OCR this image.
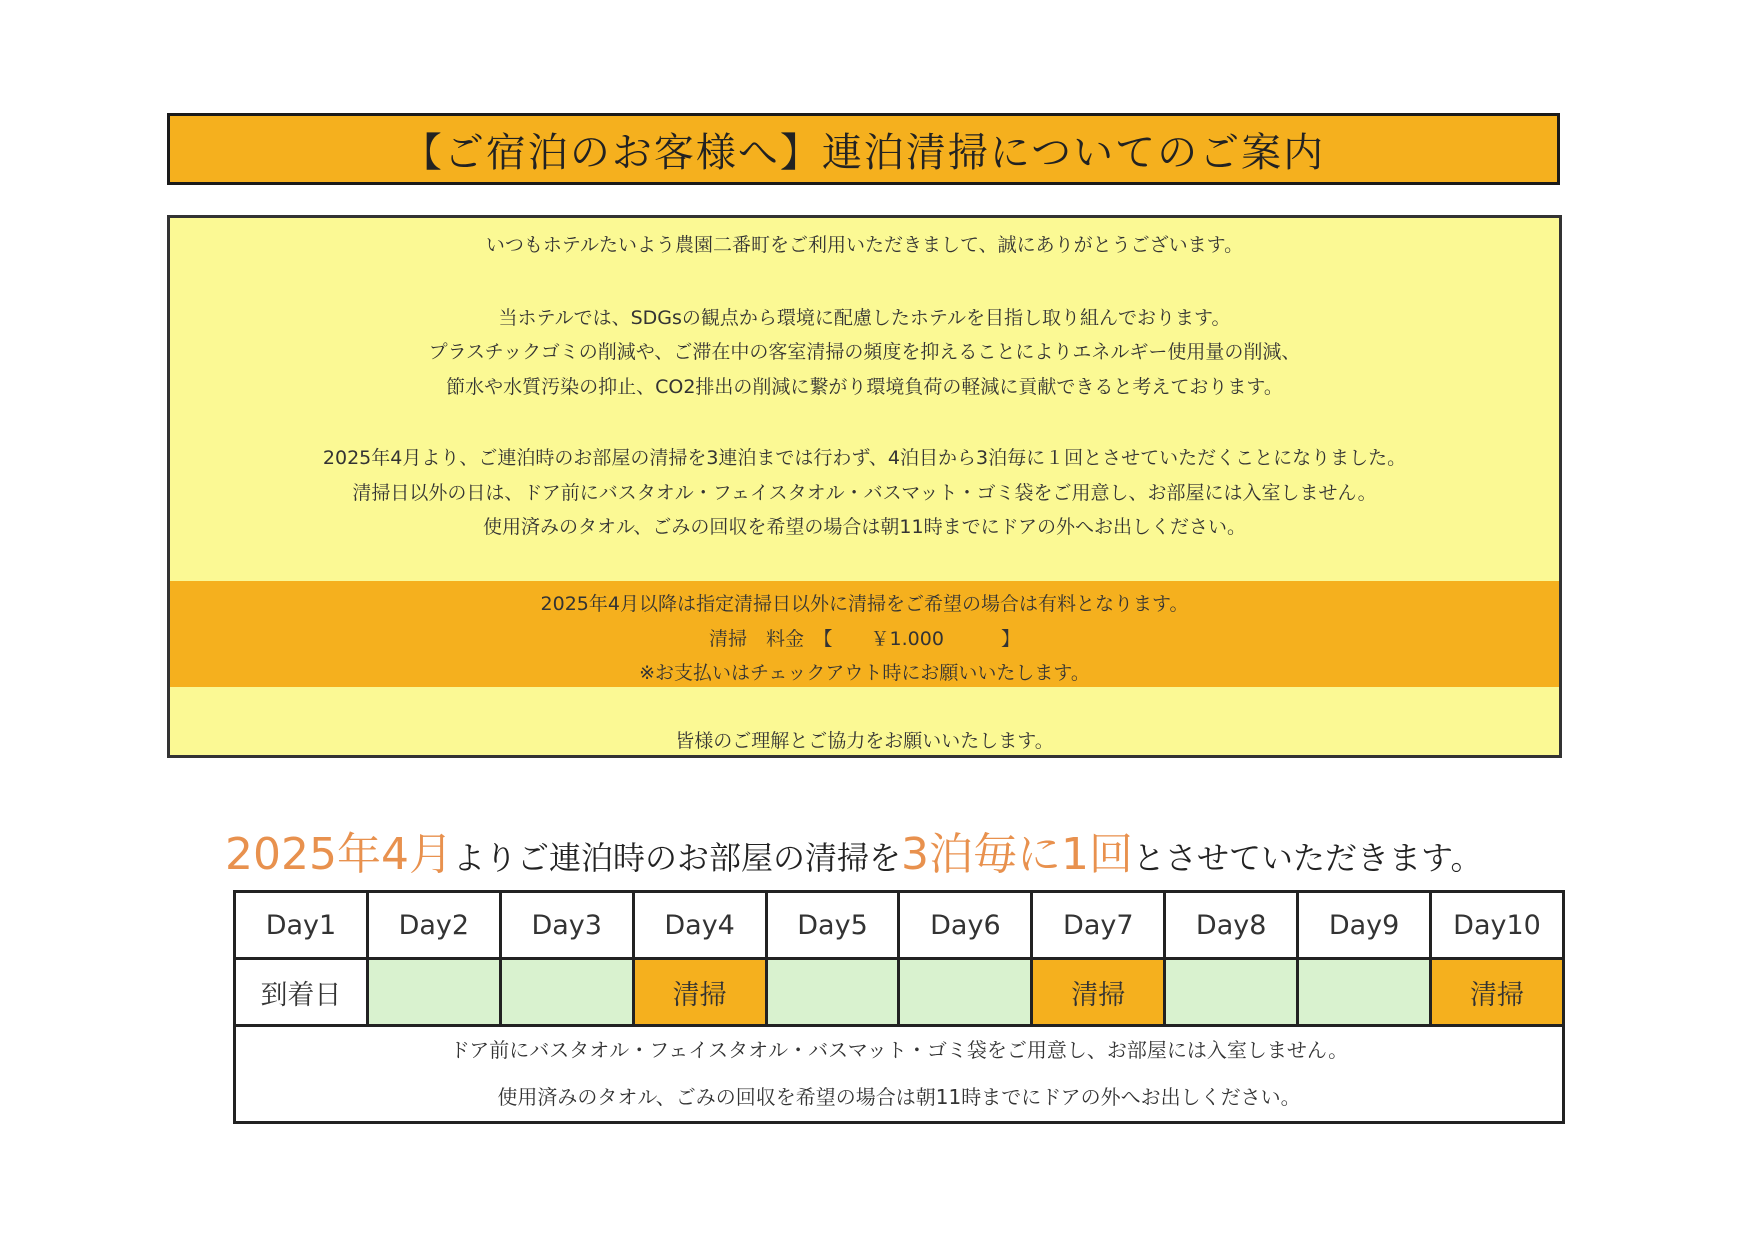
【ご宿泊のお客様へ】連泊清掃についてのご案内
いつもホテルたいよう農園二番町をご利用いただきまして、誠にありがとうございます。
当ホテルでは、SDGsの観点から環境に配慮したホテルを目指し取り組んでおります。
プラスチックゴミの削減や、ご滞在中の客室清掃の頻度を抑えることによりエネルギー使用量の削減、
節水や水質汚染の抑止、CO2排出の削減に繋がり環境負荷の軽減に貢献できると考えております。
2025年4月より、ご連泊時のお部屋の清掃を3連泊までは行わず、4泊目から3泊毎に１回とさせていただくことになりました。
清掃日以外の日は、ドア前にバスタオル・フェイスタオル・バスマット・ゴミ袋をご用意し、お部屋には入室しません。
使用済みのタオル、ごみの回収を希望の場合は朝11時までにドアの外へお出しください。
2025年4月以降は指定清掃日以外に清掃をご希望の場合は有料となります。
清掃　料金　【　　￥1.000　　　】
※お支払いはチェックアウト時にお願いいたします。
皆様のご理解とご協力をお願いいたします。
2025年4月よりご連泊時のお部屋の清掃を3泊毎に1回とさせていただきます。
Day1	Day2	Day3	Day4	Day5	Day6	Day7	Day8	Day9	Day10
到着日			清掃			清掃			清掃

ドア前にバスタオル・フェイスタオル・バスマット・ゴミ袋をご用意し、お部屋には入室しません。
使用済みのタオル、ごみの回収を希望の場合は朝11時までにドアの外へお出しください。									
